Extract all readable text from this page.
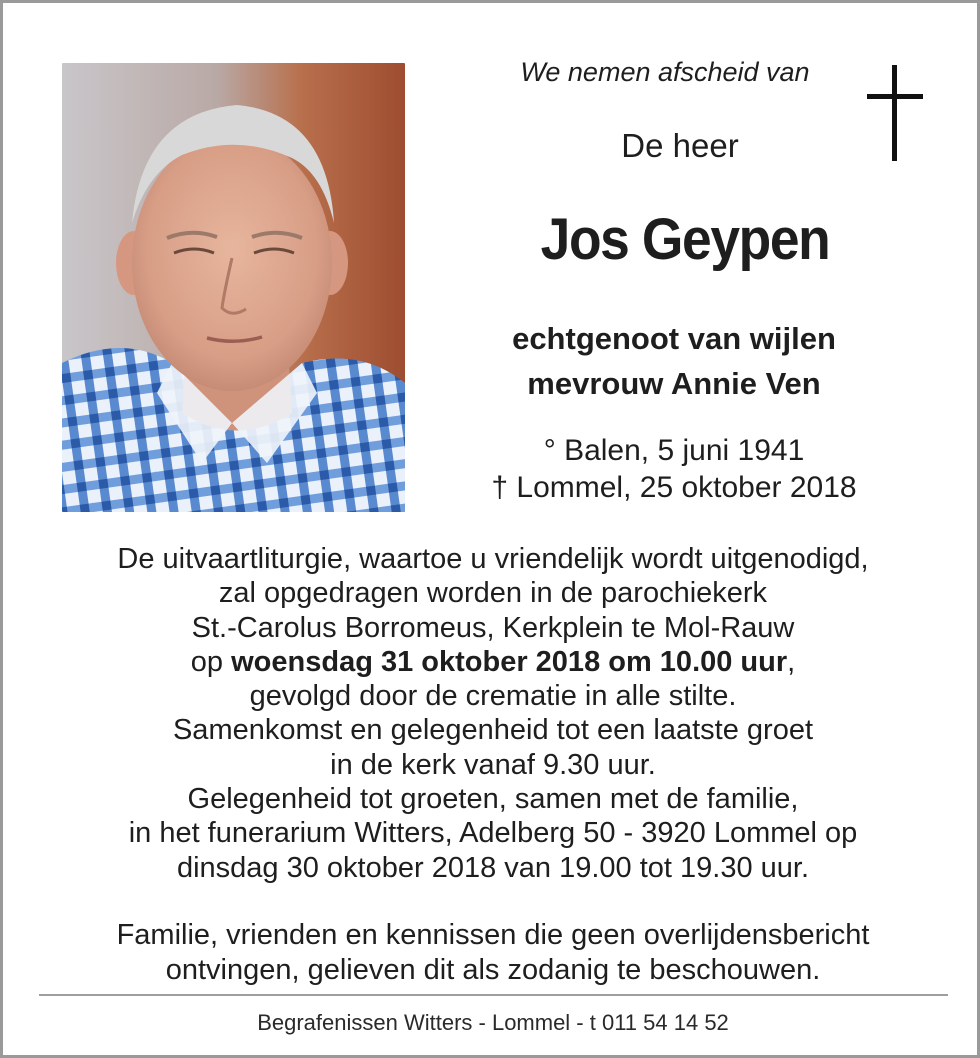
We nemen afscheid van
De heer
Jos Geypen
echtgenoot van wijlen
mevrouw Annie Ven
° Balen, 5 juni 1941
† Lommel, 25 oktober 2018
De uitvaartliturgie, waartoe u vriendelijk wordt uitgenodigd,
zal opgedragen worden in de parochiekerk
St.-Carolus Borromeus, Kerkplein te Mol-Rauw
op woensdag 31 oktober 2018 om 10.00 uur,
gevolgd door de crematie in alle stilte.
Samenkomst en gelegenheid tot een laatste groet
in de kerk vanaf 9.30 uur.
Gelegenheid tot groeten, samen met de familie,
in het funerarium Witters, Adelberg 50 - 3920 Lommel op
dinsdag 30 oktober 2018 van 19.00 tot 19.30 uur.
Familie, vrienden en kennissen die geen overlijdensbericht
ontvingen, gelieven dit als zodanig te beschouwen.
Begrafenissen Witters - Lommel - t 011 54 14 52
